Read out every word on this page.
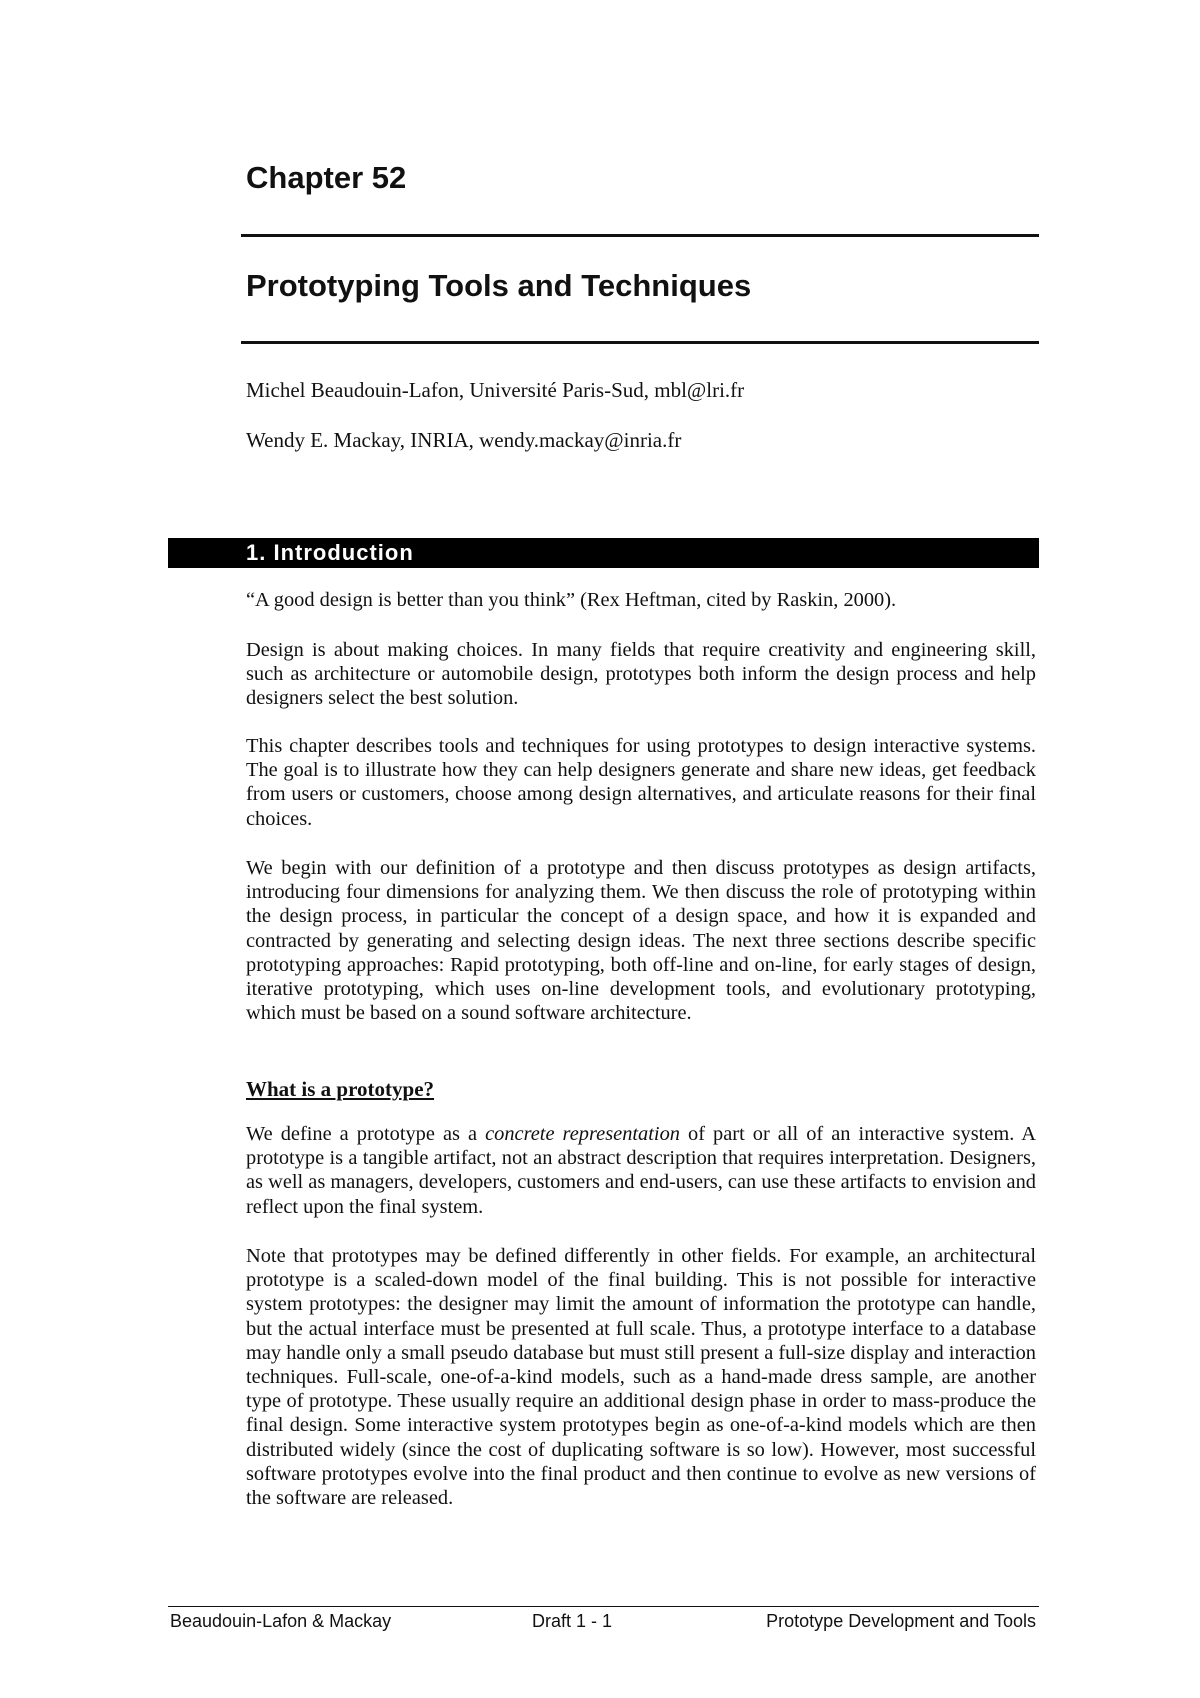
Chapter 52
Prototyping Tools and Techniques

Michel Beaudouin-Lafon, Université Paris-Sud, mbl@lri.fr

Wendy E. Mackay, INRIA, wendy.mackay@inria.fr

1. Introduction

“A good design is better than you think” (Rex Heftman, cited by Raskin, 2000).

Design is about making choices. In many fields that require creativity and engineering skill, such as architecture or automobile design, prototypes both inform the design process and help designers select the best solution.

This chapter describes tools and techniques for using prototypes to design interactive systems. The goal is to illustrate how they can help designers generate and share new ideas, get feedback from users or customers, choose among design alternatives, and articulate reasons for their final choices.

We begin with our definition of a prototype and then discuss prototypes as design artifacts, introducing four dimensions for analyzing them. We then discuss the role of prototyping within the design process, in particular the concept of a design space, and how it is expanded and contracted by generating and selecting design ideas. The next three sections describe specific prototyping approaches: Rapid prototyping, both off-line and on-line, for early stages of design, iterative prototyping, which uses on-line development tools, and evolutionary prototyping, which must be based on a sound software architecture.

What is a prototype?

We define a prototype as a concrete representation of part or all of an interactive system. A prototype is a tangible artifact, not an abstract description that requires interpretation. Designers, as well as managers, developers, customers and end-users, can use these artifacts to envision and reflect upon the final system.

Note that prototypes may be defined differently in other fields. For example, an architectural prototype is a scaled-down model of the final building. This is not possible for interactive system prototypes: the designer may limit the amount of information the prototype can handle, but the actual interface must be presented at full scale. Thus, a prototype interface to a database may handle only a small pseudo database but must still present a full-size display and interaction techniques. Full-scale, one-of-a-kind models, such as a hand-made dress sample, are another type of prototype. These usually require an additional design phase in order to mass-produce the final design. Some interactive system prototypes begin as one-of-a-kind models which are then distributed widely (since the cost of duplicating software is so low). However, most successful software prototypes evolve into the final product and then continue to evolve as new versions of the software are released.

Beaudouin-Lafon & Mackay	Draft 1 - 1	Prototype Development and Tools
